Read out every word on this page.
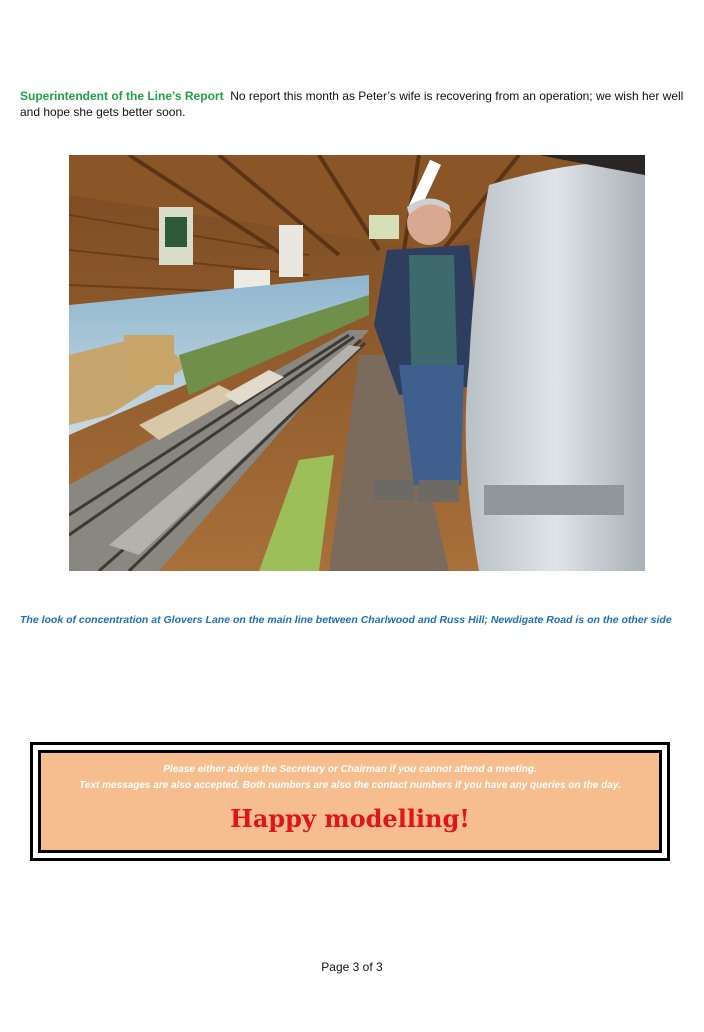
Superintendent of the Line’s Report No report this month as Peter’s wife is recovering from an operation; we wish her well and hope she gets better soon.
The look of concentration at Glovers Lane on the main line between Charlwood and Russ Hill; Newdigate Road is on the other side
Please either advise the Secretary or Chairman if you cannot attend a meeting.
Text messages are also accepted. Both numbers are also the contact numbers if you have any queries on the day.
Happy modelling!
Page 3 of 3
